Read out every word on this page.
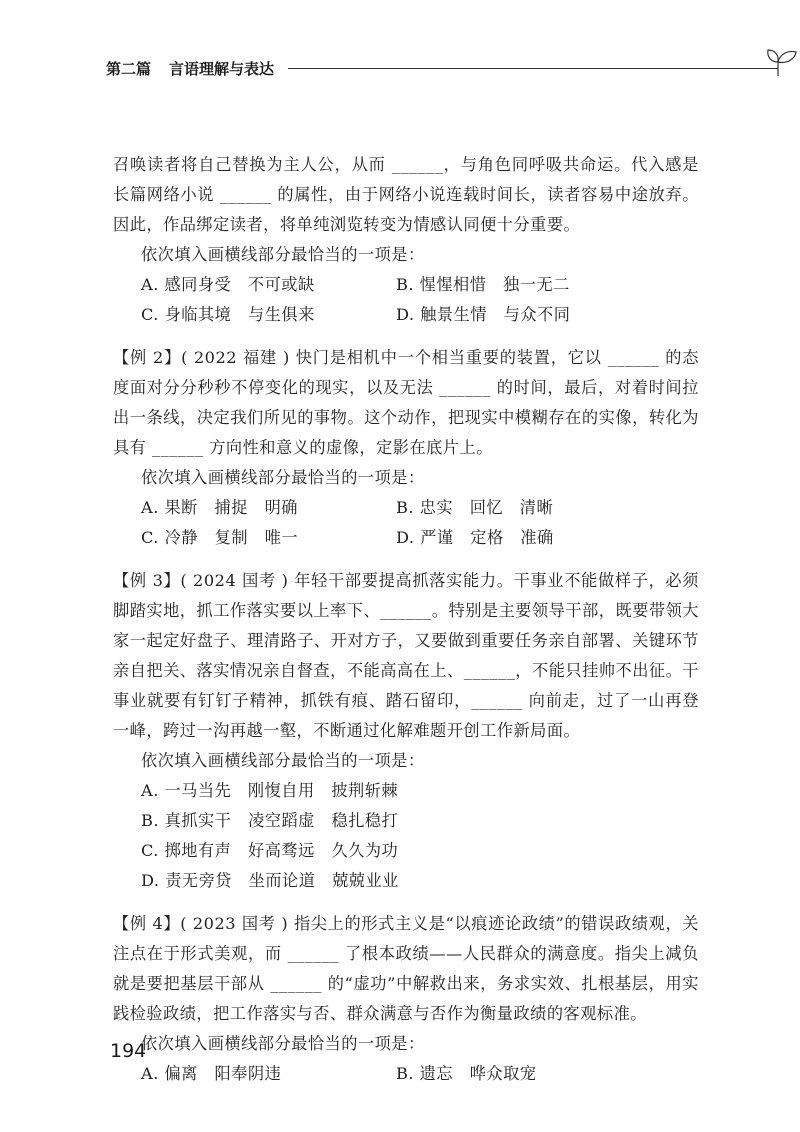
第二篇 言语理解与表达

召唤读者将自己替换为主人公，从而 ______，与角色同呼吸共命运。代入感是长篇网络小说 ______ 的属性，由于网络小说连载时间长，读者容易中途放弃。因此，作品绑定读者，将单纯浏览转变为情感认同便十分重要。

依次填入画横线部分最恰当的一项是：

A. 感同身受　不可或缺	B. 惺惺相惜　独一无二
C. 身临其境　与生俱来	D. 触景生情　与众不同

【例 2】( 2022 福建 ) 快门是相机中一个相当重要的装置，它以 ______ 的态度面对分分秒秒不停变化的现实，以及无法 ______ 的时间，最后，对着时间拉出一条线，决定我们所见的事物。这个动作，把现实中模糊存在的实像，转化为具有 ______ 方向性和意义的虚像，定影在底片上。

依次填入画横线部分最恰当的一项是：

A. 果断　捕捉　明确	B. 忠实　回忆　清晰
C. 冷静　复制　唯一	D. 严谨　定格　准确

【例 3】( 2024 国考 ) 年轻干部要提高抓落实能力。干事业不能做样子，必须脚踏实地，抓工作落实要以上率下、______。特别是主要领导干部，既要带领大家一起定好盘子、理清路子、开对方子，又要做到重要任务亲自部署、关键环节亲自把关、落实情况亲自督查，不能高高在上、______，不能只挂帅不出征。干事业就要有钉钉子精神，抓铁有痕、踏石留印，______ 向前走，过了一山再登一峰，跨过一沟再越一壑，不断通过化解难题开创工作新局面。

依次填入画横线部分最恰当的一项是：

A. 一马当先　刚愎自用　披荆斩棘
B. 真抓实干　凌空蹈虚　稳扎稳打
C. 掷地有声　好高骛远　久久为功
D. 责无旁贷　坐而论道　兢兢业业

【例 4】( 2023 国考 ) 指尖上的形式主义是“以痕迹论政绩”的错误政绩观，关注点在于形式美观，而 ______ 了根本政绩——人民群众的满意度。指尖上减负就是要把基层干部从 ______ 的“虚功”中解救出来，务求实效、扎根基层，用实践检验政绩，把工作落实与否、群众满意与否作为衡量政绩的客观标准。

依次填入画横线部分最恰当的一项是：

A. 偏离　阳奉阴违	B. 遗忘　哗众取宠
194
